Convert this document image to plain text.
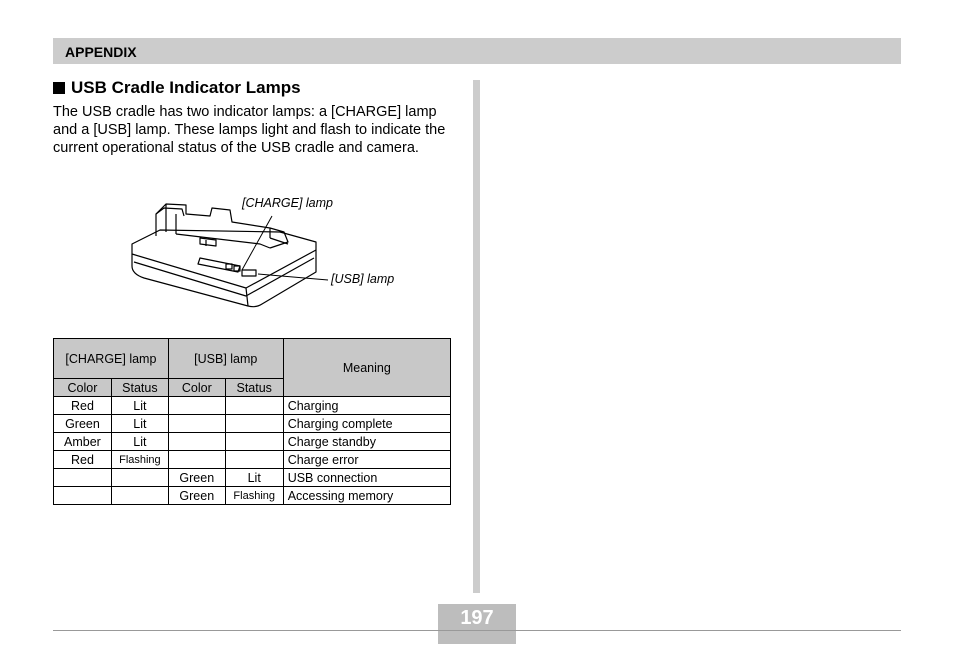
APPENDIX
USB Cradle Indicator Lamps

The USB cradle has two indicator lamps: a [CHARGE] lamp and a [USB] lamp. These lamps light and flash to indicate the current operational status of the USB cradle and camera.

[CHARGE] lamp
[USB] lamp
[CHARGE] lamp		[USB] lamp		Meaning
Color	Status	Color	Status	
Red	Lit			Charging
Green	Lit			Charging complete
Amber	Lit			Charge standby
Red	Flashing			Charge error
		Green	Lit	USB connection
		Green	Flashing	Accessing memory
197
